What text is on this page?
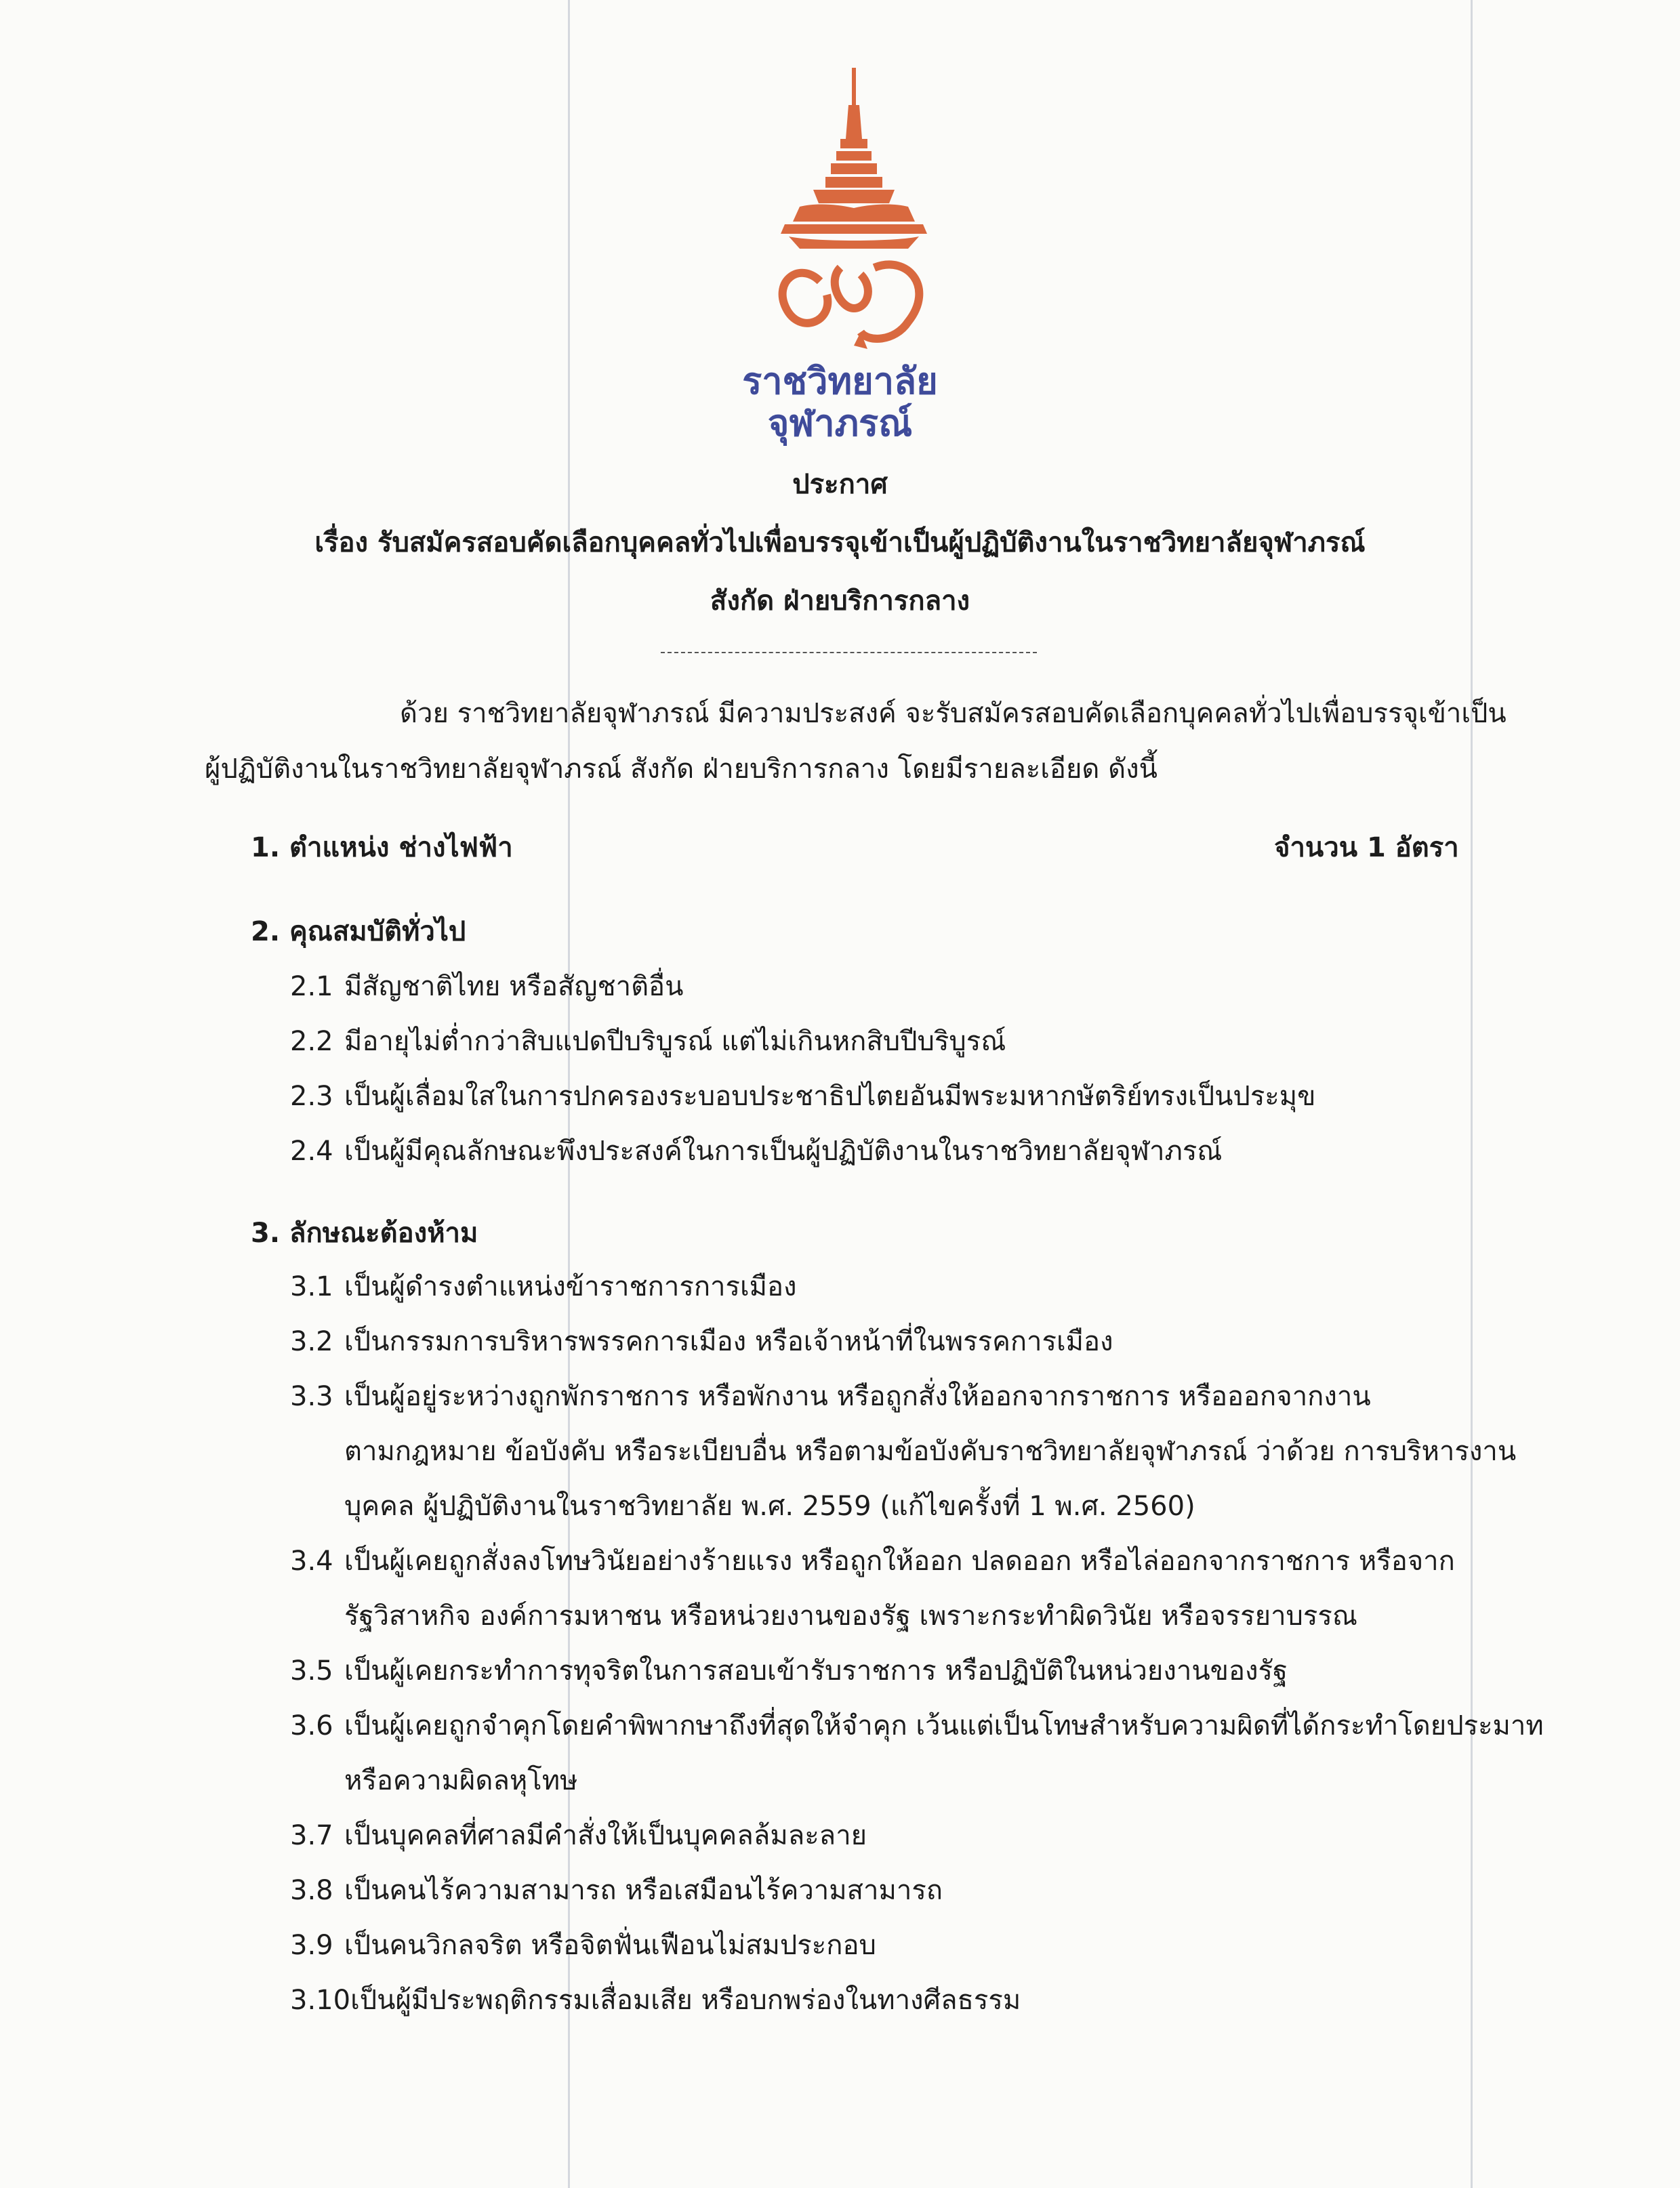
ราชวิทยาลัย
จุฬาภรณ์
ประกาศ
เรื่อง รับสมัครสอบคัดเลือกบุคคลทั่วไปเพื่อบรรจุเข้าเป็นผู้ปฏิบัติงานในราชวิทยาลัยจุฬาภรณ์
สังกัด ฝ่ายบริการกลาง
ด้วย ราชวิทยาลัยจุฬาภรณ์ มีความประสงค์ จะรับสมัครสอบคัดเลือกบุคคลทั่วไปเพื่อบรรจุเข้าเป็น
ผู้ปฏิบัติงานในราชวิทยาลัยจุฬาภรณ์ สังกัด ฝ่ายบริการกลาง โดยมีรายละเอียด ดังนี้
1. ตำแหน่ง ช่างไฟฟ้า	จำนวน 1 อัตรา
2. คุณสมบัติทั่วไป
2.1 มีสัญชาติไทย หรือสัญชาติอื่น
2.2 มีอายุไม่ต่ำกว่าสิบแปดปีบริบูรณ์ แต่ไม่เกินหกสิบปีบริบูรณ์
2.3 เป็นผู้เลื่อมใสในการปกครองระบอบประชาธิปไตยอันมีพระมหากษัตริย์ทรงเป็นประมุข
2.4 เป็นผู้มีคุณลักษณะพึงประสงค์ในการเป็นผู้ปฏิบัติงานในราชวิทยาลัยจุฬาภรณ์
3. ลักษณะต้องห้าม
3.1 เป็นผู้ดำรงตำแหน่งข้าราชการการเมือง
3.2 เป็นกรรมการบริหารพรรคการเมือง หรือเจ้าหน้าที่ในพรรคการเมือง
3.3 เป็นผู้อยู่ระหว่างถูกพักราชการ หรือพักงาน หรือถูกสั่งให้ออกจากราชการ หรือออกจากงาน
ตามกฎหมาย ข้อบังคับ หรือระเบียบอื่น หรือตามข้อบังคับราชวิทยาลัยจุฬาภรณ์ ว่าด้วย การบริหารงาน
บุคคล ผู้ปฏิบัติงานในราชวิทยาลัย พ.ศ. 2559 (แก้ไขครั้งที่ 1 พ.ศ. 2560)
3.4 เป็นผู้เคยถูกสั่งลงโทษวินัยอย่างร้ายแรง หรือถูกให้ออก ปลดออก หรือไล่ออกจากราชการ หรือจาก
รัฐวิสาหกิจ องค์การมหาชน หรือหน่วยงานของรัฐ เพราะกระทำผิดวินัย หรือจรรยาบรรณ
3.5 เป็นผู้เคยกระทำการทุจริตในการสอบเข้ารับราชการ หรือปฏิบัติในหน่วยงานของรัฐ
3.6 เป็นผู้เคยถูกจำคุกโดยคำพิพากษาถึงที่สุดให้จำคุก เว้นแต่เป็นโทษสำหรับความผิดที่ได้กระทำโดยประมาท
หรือความผิดลหุโทษ
3.7 เป็นบุคคลที่ศาลมีคำสั่งให้เป็นบุคคลล้มละลาย
3.8 เป็นคนไร้ความสามารถ หรือเสมือนไร้ความสามารถ
3.9 เป็นคนวิกลจริต หรือจิตฟั่นเฟือนไม่สมประกอบ
3.10เป็นผู้มีประพฤติกรรมเสื่อมเสีย หรือบกพร่องในทางศีลธรรม
